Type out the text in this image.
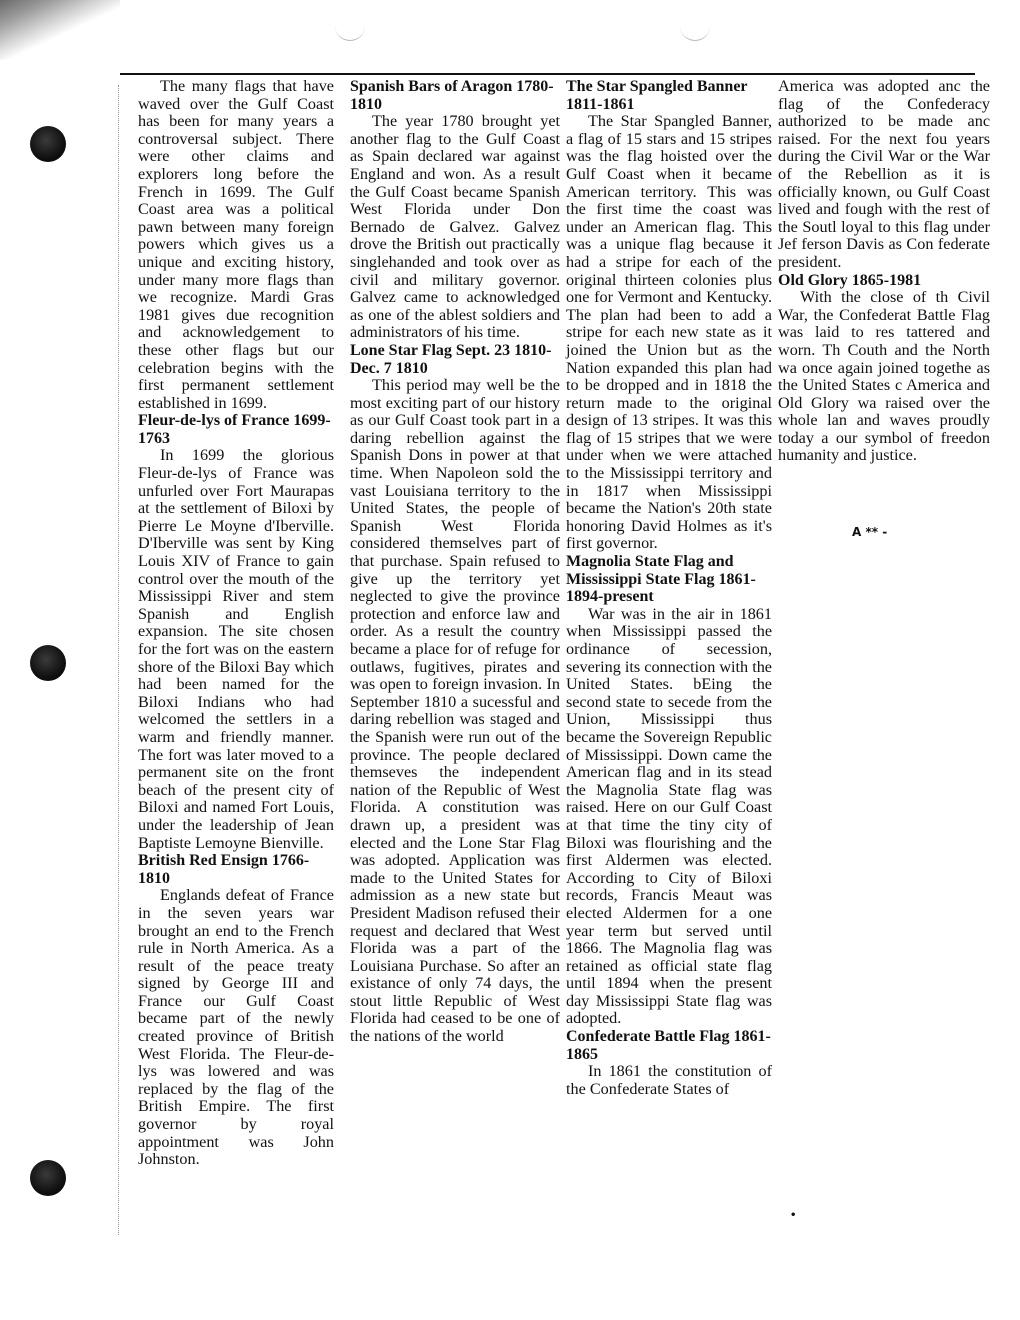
The many flags that have waved over the Gulf Coast has been for many years a controversal subject. There were other claims and explorers long before the French in 1699. The Gulf Coast area was a political pawn between many foreign powers which gives us a unique and exciting history, under many more flags than we recognize. Mardi Gras 1981 gives due recognition and acknowledgement to these other flags but our celebration begins with the first permanent settlement established in 1699.

Fleur-de-lys of France 1699-1763

In 1699 the glorious Fleur-de-lys of France was unfurled over Fort Maurapas at the settlement of Biloxi by Pierre Le Moyne d'Iberville. D'Iberville was sent by King Louis XIV of France to gain control over the mouth of the Mississippi River and stem Spanish and English expansion. The site chosen for the fort was on the eastern shore of the Biloxi Bay which had been named for the Biloxi Indians who had welcomed the settlers in a warm and friendly manner. The fort was later moved to a permanent site on the front beach of the present city of Biloxi and named Fort Louis, under the leadership of Jean Baptiste Lemoyne Bienville.

British Red Ensign 1766-1810

Englands defeat of France in the seven years war brought an end to the French rule in North America. As a result of the peace treaty signed by George III and France our Gulf Coast became part of the newly created province of British West Florida. The Fleur-de-lys was lowered and was replaced by the flag of the British Empire. The first governor by royal appointment was John Johnston.

Spanish Bars of Aragon 1780-1810

The year 1780 brought yet another flag to the Gulf Coast as Spain declared war against England and won. As a result the Gulf Coast became Spanish West Florida under Don Bernado de Galvez. Galvez drove the British out practically singlehanded and took over as civil and military governor. Galvez came to acknowledged as one of the ablest soldiers and administrators of his time.

Lone Star Flag Sept. 23 1810-Dec. 7 1810

This period may well be the most exciting part of our history as our Gulf Coast took part in a daring rebellion against the Spanish Dons in power at that time. When Napoleon sold the vast Louisiana territory to the United States, the people of Spanish West Florida considered themselves part of that purchase. Spain refused to give up the territory yet neglected to give the province protection and enforce law and order. As a result the country became a place for of refuge for outlaws, fugitives, pirates and was open to foreign invasion. In September 1810 a sucessful and daring rebellion was staged and the Spanish were run out of the province. The people declared themseves the independent nation of the Republic of West Florida. A constitution was drawn up, a president was elected and the Lone Star Flag was adopted. Application was made to the United States for admission as a new state but President Madison refused their request and declared that West Florida was a part of the Louisiana Purchase. So after an existance of only 74 days, the stout little Republic of West Florida had ceased to be one of the nations of the world

The Star Spangled Banner 1811-1861

The Star Spangled Banner, a flag of 15 stars and 15 stripes was the flag hoisted over the Gulf Coast when it became American territory. This was the first time the coast was under an American flag. This was a unique flag because it had a stripe for each of the original thirteen colonies plus one for Vermont and Kentucky. The plan had been to add a stripe for each new state as it joined the Union but as the Nation expanded this plan had to be dropped and in 1818 the return made to the original design of 13 stripes. It was this flag of 15 stripes that we were under when we were attached to the Mississippi territory and in 1817 when Mississippi became the Nation's 20th state honoring David Holmes as it's first governor.

Magnolia State Flag and Mississippi State Flag 1861-1894-present

War was in the air in 1861 when Mississippi passed the ordinance of secession, severing its connection with the United States. bEing the second state to secede from the Union, Mississippi thus became the Sovereign Republic of Mississippi. Down came the American flag and in its stead the Magnolia State flag was raised. Here on our Gulf Coast at that time the tiny city of Biloxi was flourishing and the first Aldermen was elected. According to City of Biloxi records, Francis Meaut was elected Aldermen for a one year term but served until 1866. The Magnolia flag was retained as official state flag until 1894 when the present day Mississippi State flag was adopted.

Confederate Battle Flag 1861-1865

In 1861 the constitution of the Confederate States of

America was adopted anc the flag of the Confederacy authorized to be made anc raised. For the next fou years during the Civil War or the War of the Rebellion as it is officially known, ou Gulf Coast lived and fough with the rest of the Soutl loyal to this flag under Jef ferson Davis as Con federate president.

Old Glory 1865-1981

With the close of th Civil War, the Confederat Battle Flag was laid to res tattered and worn. Th Couth and the North wa once again joined togethe as the United States c America and Old Glory wa raised over the whole lan and waves proudly today a our symbol of freedon humanity and justice.

A ** -
•
